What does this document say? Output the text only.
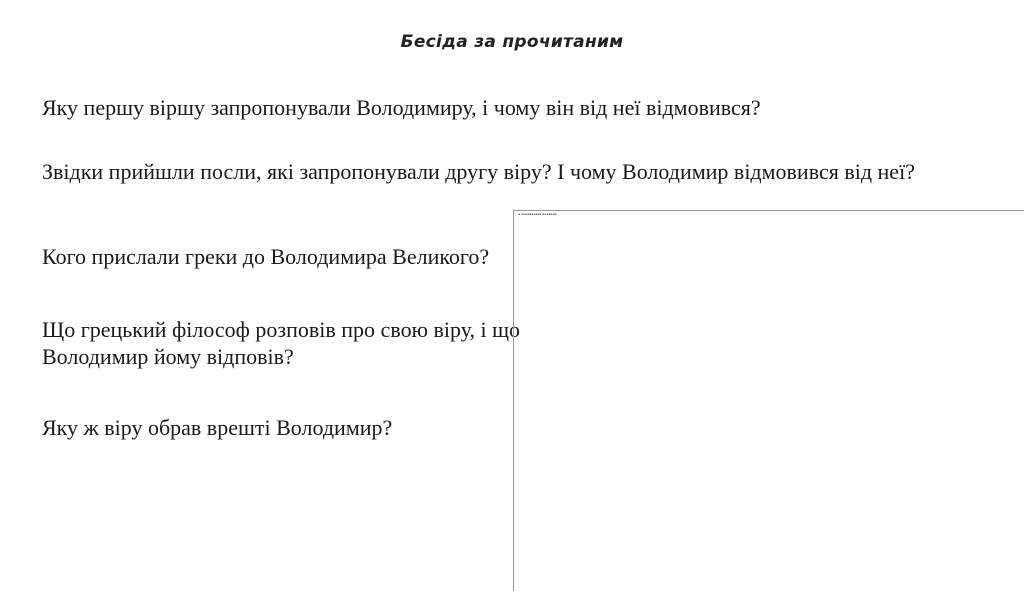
Бесіда за прочитаним

Яку першу віршу запропонували Володимиру, і чому він від неї відмовився?

Звідки прийшли посли, які запропонували другу віру? І чому Володимир відмовився від неї?

Кого прислали греки до Володимира Великого?

Що грецький філософ розповів про свою віру, і що Володимир йому відповів?

Яку ж віру обрав врешті Володимир?

▪ ▪▪▪▪▪▪▪▪▪▪ ▪▪▪▪▪▪▪
